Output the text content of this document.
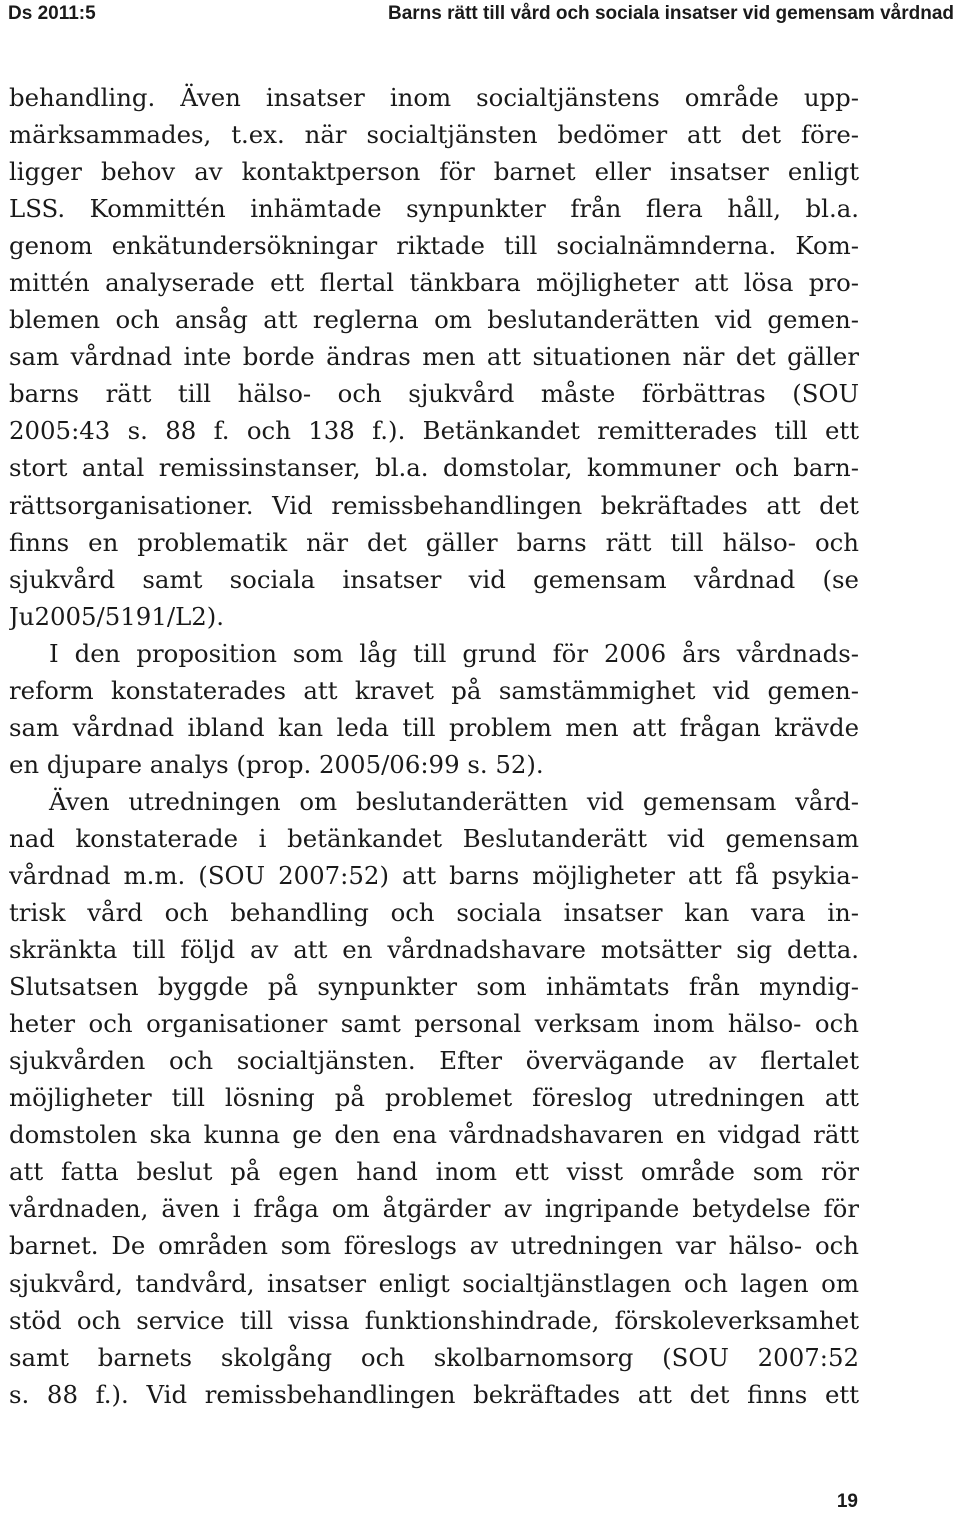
Ds 2011:5	Barns rätt till vård och sociala insatser vid gemensam vårdnad
behandling. Även insatser inom socialtjänstens område upp-
märksammades, t.ex. när socialtjänsten bedömer att det före-
ligger behov av kontaktperson för barnet eller insatser enligt
LSS. Kommittén inhämtade synpunkter från flera håll, bl.a.
genom enkätundersökningar riktade till socialnämnderna. Kom-
mittén analyserade ett flertal tänkbara möjligheter att lösa pro-
blemen och ansåg att reglerna om beslutanderätten vid gemen-
sam vårdnad inte borde ändras men att situationen när det gäller
barns rätt till hälso- och sjukvård måste förbättras (SOU
2005:43 s. 88 f. och 138 f.). Betänkandet remitterades till ett
stort antal remissinstanser, bl.a. domstolar, kommuner och barn-
rättsorganisationer. Vid remissbehandlingen bekräftades att det
finns en problematik när det gäller barns rätt till hälso- och
sjukvård samt sociala insatser vid gemensam vårdnad (se
Ju2005/5191/L2).
I den proposition som låg till grund för 2006 års vårdnads-
reform konstaterades att kravet på samstämmighet vid gemen-
sam vårdnad ibland kan leda till problem men att frågan krävde
en djupare analys (prop. 2005/06:99 s. 52).
Även utredningen om beslutanderätten vid gemensam vård-
nad konstaterade i betänkandet Beslutanderätt vid gemensam
vårdnad m.m. (SOU 2007:52) att barns möjligheter att få psykia-
trisk vård och behandling och sociala insatser kan vara in-
skränkta till följd av att en vårdnadshavare motsätter sig detta.
Slutsatsen byggde på synpunkter som inhämtats från myndig-
heter och organisationer samt personal verksam inom hälso- och
sjukvården och socialtjänsten. Efter övervägande av flertalet
möjligheter till lösning på problemet föreslog utredningen att
domstolen ska kunna ge den ena vårdnadshavaren en vidgad rätt
att fatta beslut på egen hand inom ett visst område som rör
vårdnaden, även i fråga om åtgärder av ingripande betydelse för
barnet. De områden som föreslogs av utredningen var hälso- och
sjukvård, tandvård, insatser enligt socialtjänstlagen och lagen om
stöd och service till vissa funktionshindrade, förskoleverksamhet
samt barnets skolgång och skolbarnomsorg (SOU 2007:52
s. 88 f.). Vid remissbehandlingen bekräftades att det finns ett
19
